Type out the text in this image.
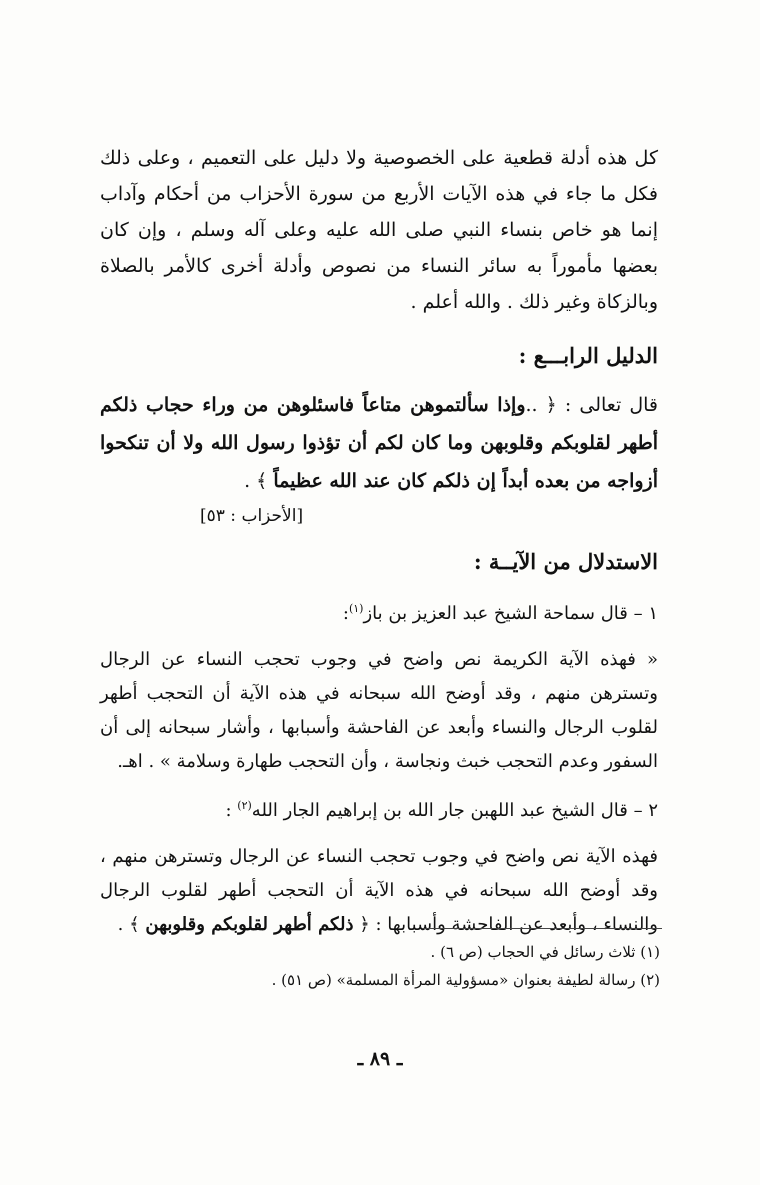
كل هذه أدلة قطعية على الخصوصية ولا دليل على التعميم ، وعلى ذلك فكل ما جاء في هذه الآيات الأربع من سورة الأحزاب من أحكام وآداب إنما هو خاص بنساء النبي صلى الله عليه وعلى آله وسلم ، وإن كان بعضها مأموراً به سائر النساء من نصوص وأدلة أخرى كالأمر بالصلاة وبالزكاة وغير ذلك . والله أعلم .

الدليل الرابـــع :

قال تعالى : ﴿ ..وإذا سألتموهن متاعاً فاسئلوهن من وراء حجاب ذلكم أطهر لقلوبكم وقلوبهن وما كان لكم أن تؤذوا رسول الله ولا أن تنكحوا أزواجه من بعده أبداً إن ذلكم كان عند الله عظيماً ﴾ .

[الأحزاب : ٥٣]
الاستدلال من الآيــة :

١ – قال سماحة الشيخ عبد العزيز بن باز$^{(١)}$:

« فهذه الآية الكريمة نص واضح في وجوب تحجب النساء عن الرجال وتسترهن منهم ، وقد أوضح الله سبحانه في هذه الآية أن التحجب أطهر لقلوب الرجال والنساء وأبعد عن الفاحشة وأسبابها ، وأشار سبحانه إلى أن السفور وعدم التحجب خبث ونجاسة ، وأن التحجب طهارة وسلامة » . اهـ.

٢ – قال الشيخ عبد اللهبن جار الله بن إبراهيم الجار الله$^{(٢)}$ :

فهذه الآية نص واضح في وجوب تحجب النساء عن الرجال وتسترهن منهم ، وقد أوضح الله سبحانه في هذه الآية أن التحجب أطهر لقلوب الرجال والنساء ، وأبعد عن الفاحشة وأسبابها : ﴿ ذلكم أطهر لقلوبكم وقلوبهن ﴾ .

(١) ثلاث رسائل في الحجاب (ص ٦) .
(٢) رسالة لطيفة بعنوان «مسؤولية المرأة المسلمة» (ص ٥١) .
ـ ٨٩ ـ
